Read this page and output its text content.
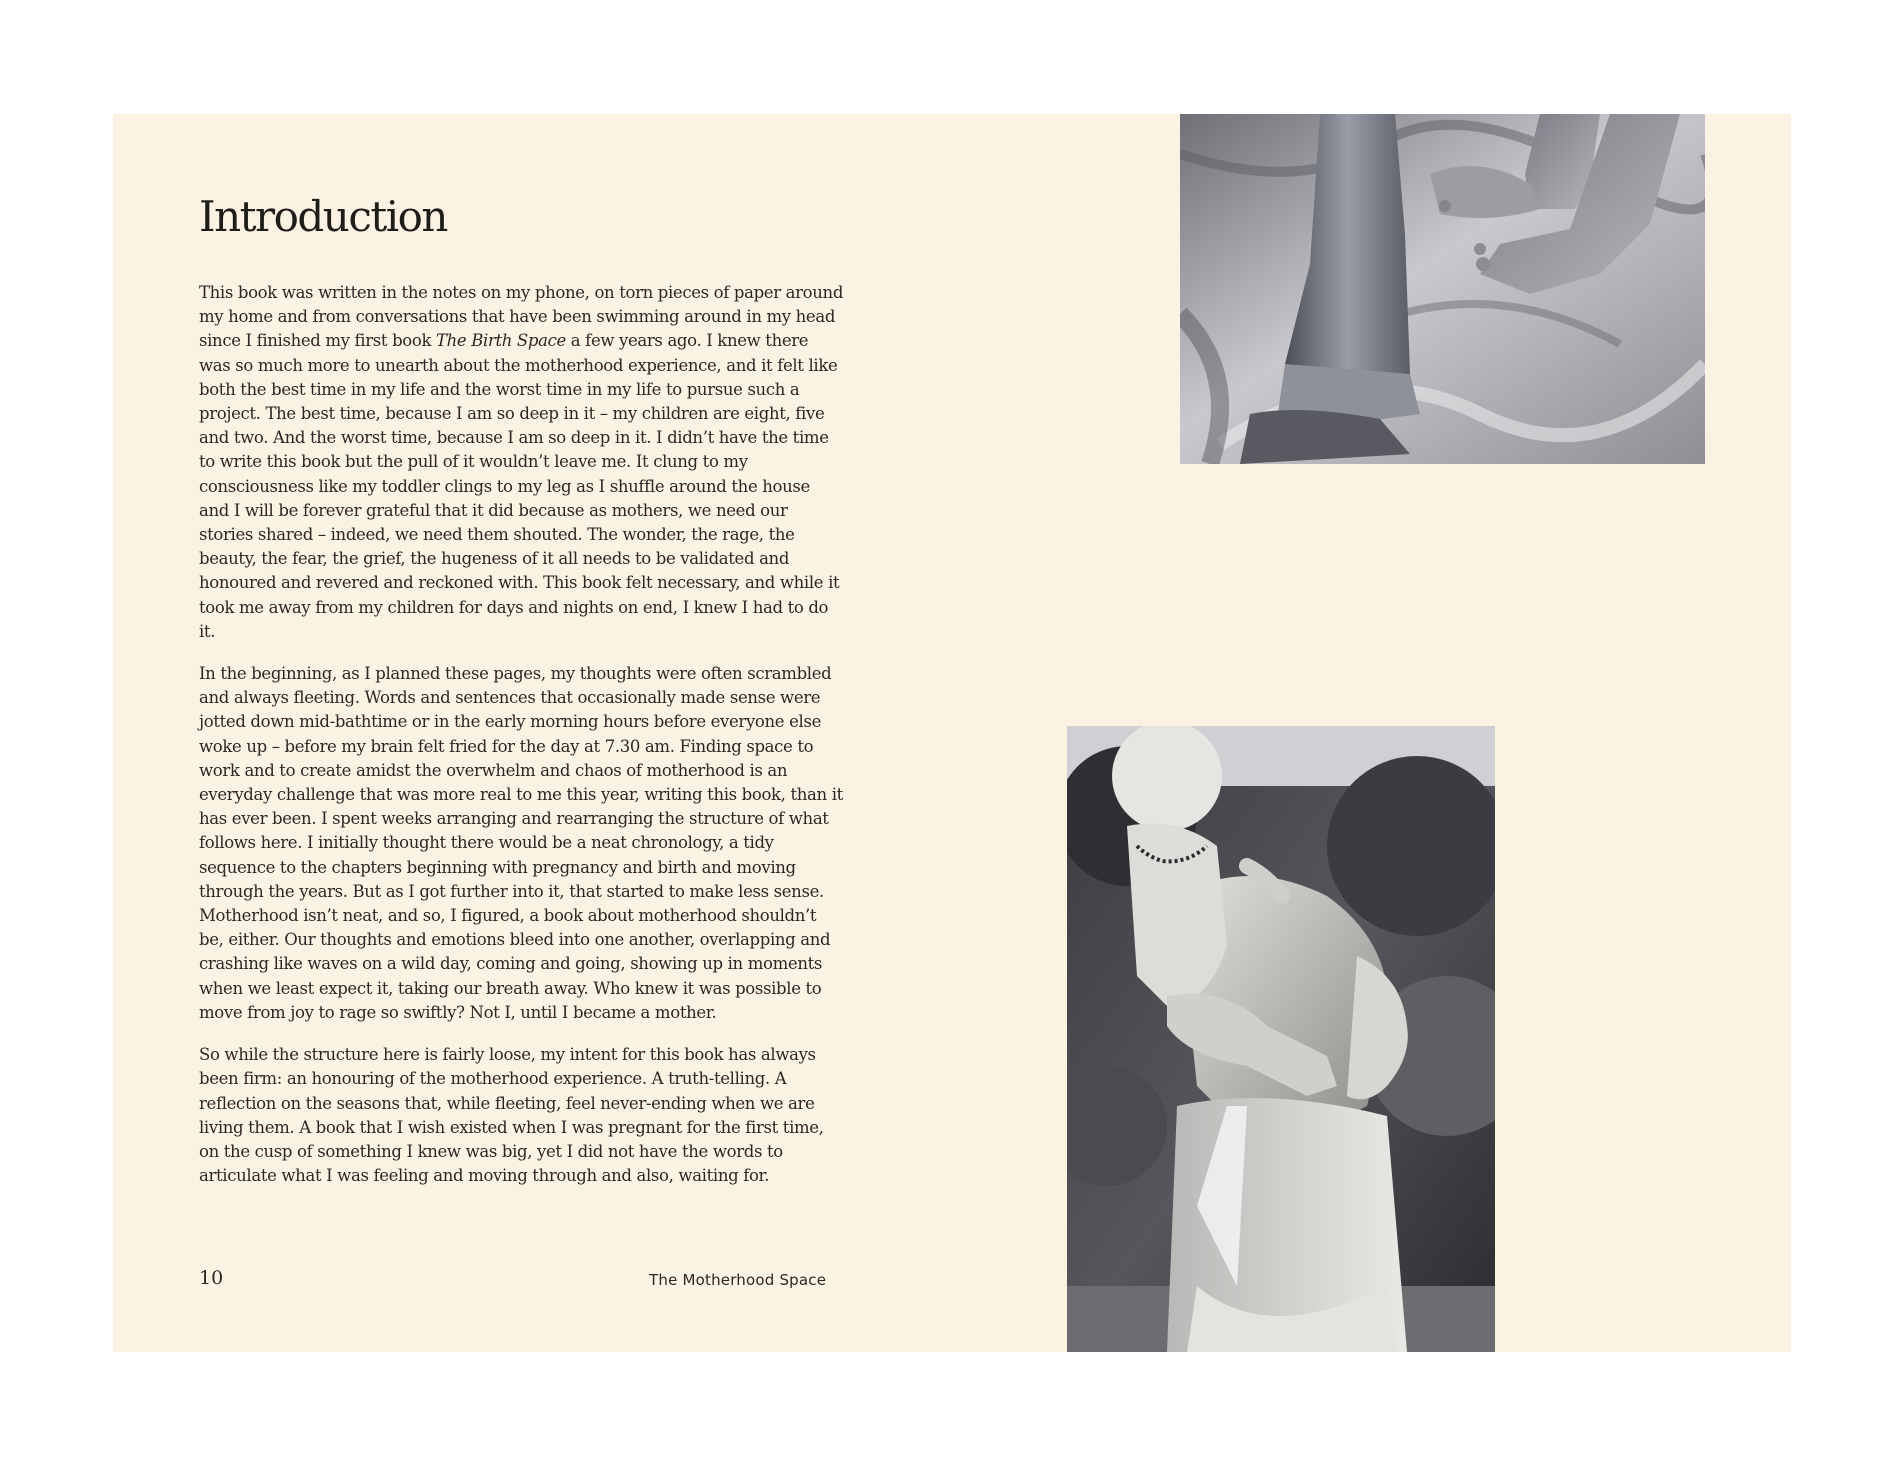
Introduction

This book was written in the notes on my phone, on torn pieces of paper around my home and from conversations that have been swimming around in my head since I finished my first book The Birth Space a few years ago. I knew there was so much more to unearth about the motherhood experience, and it felt like both the best time in my life and the worst time in my life to pursue such a project. The best time, because I am so deep in it – my children are eight, five and two. And the worst time, because I am so deep in it. I didn’t have the time to write this book but the pull of it wouldn’t leave me. It clung to my consciousness like my toddler clings to my leg as I shuffle around the house and I will be forever grateful that it did because as mothers, we need our stories shared – indeed, we need them shouted. The wonder, the rage, the beauty, the fear, the grief, the hugeness of it all needs to be validated and honoured and revered and reckoned with. This book felt necessary, and while it took me away from my children for days and nights on end, I knew I had to do it.

In the beginning, as I planned these pages, my thoughts were often scrambled and always fleeting. Words and sentences that occasionally made sense were jotted down mid-bathtime or in the early morning hours before everyone else woke up – before my brain felt fried for the day at 7.30 am. Finding space to work and to create amidst the overwhelm and chaos of motherhood is an everyday challenge that was more real to me this year, writing this book, than it has ever been. I spent weeks arranging and rearranging the structure of what follows here. I initially thought there would be a neat chronology, a tidy sequence to the chapters beginning with pregnancy and birth and moving through the years. But as I got further into it, that started to make less sense. Motherhood isn’t neat, and so, I figured, a book about motherhood shouldn’t be, either. Our thoughts and emotions bleed into one another, overlapping and crashing like waves on a wild day, coming and going, showing up in moments when we least expect it, taking our breath away. Who knew it was possible to move from joy to rage so swiftly? Not I, until I became a mother.

So while the structure here is fairly loose, my intent for this book has always been firm: an honouring of the motherhood experience. A truth-telling. A reflection on the seasons that, while fleeting, feel never-ending when we are living them. A book that I wish existed when I was pregnant for the first time, on the cusp of something I knew was big, yet I did not have the words to articulate what I was feeling and moving through and also, waiting for.

10	The Motherhood Space
